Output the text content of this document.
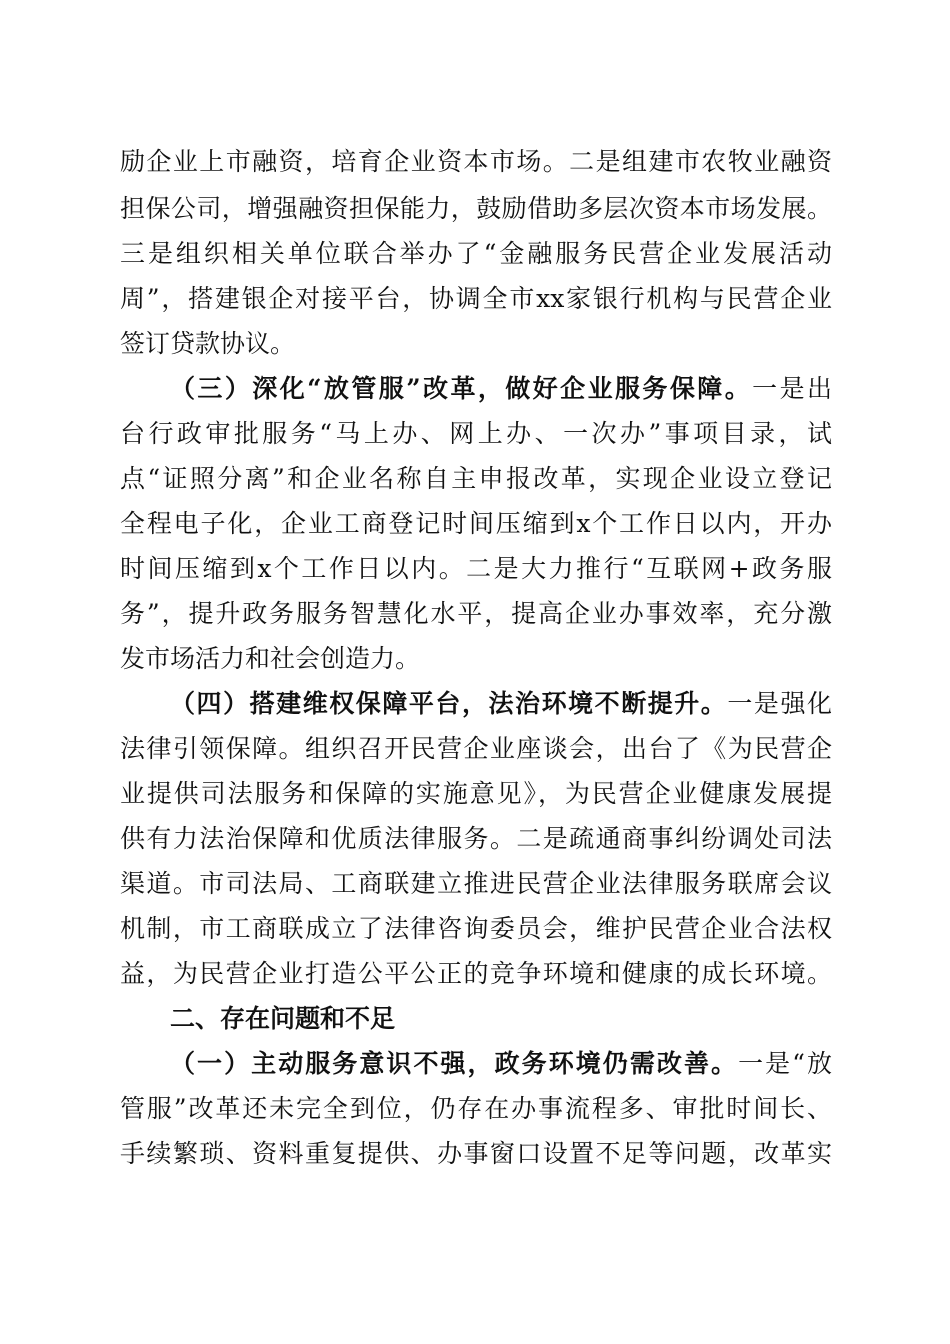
励企业上市融资，培育企业资本市场。二是组建市农牧业融资
担保公司，增强融资担保能力，鼓励借助多层次资本市场发展。
三是组织相关单位联合举办了“金融服务民营企业发展活动
周”，搭建银企对接平台，协调全市xx家银行机构与民营企业
签订贷款协议。
（三）深化“放管服”改革，做好企业服务保障。一是出
台行政审批服务“马上办、网上办、一次办”事项目录，试
点“证照分离”和企业名称自主申报改革，实现企业设立登记
全程电子化，企业工商登记时间压缩到x个工作日以内，开办
时间压缩到x个工作日以内。二是大力推行“互联网+政务服
务”，提升政务服务智慧化水平，提高企业办事效率，充分激
发市场活力和社会创造力。
（四）搭建维权保障平台，法治环境不断提升。一是强化
法律引领保障。组织召开民营企业座谈会，出台了《为民营企
业提供司法服务和保障的实施意见》，为民营企业健康发展提
供有力法治保障和优质法律服务。二是疏通商事纠纷调处司法
渠道。市司法局、工商联建立推进民营企业法律服务联席会议
机制，市工商联成立了法律咨询委员会，维护民营企业合法权
益，为民营企业打造公平公正的竞争环境和健康的成长环境。
二、存在问题和不足
（一）主动服务意识不强，政务环境仍需改善。一是“放
管服”改革还未完全到位，仍存在办事流程多、审批时间长、
手续繁琐、资料重复提供、办事窗口设置不足等问题，改革实
